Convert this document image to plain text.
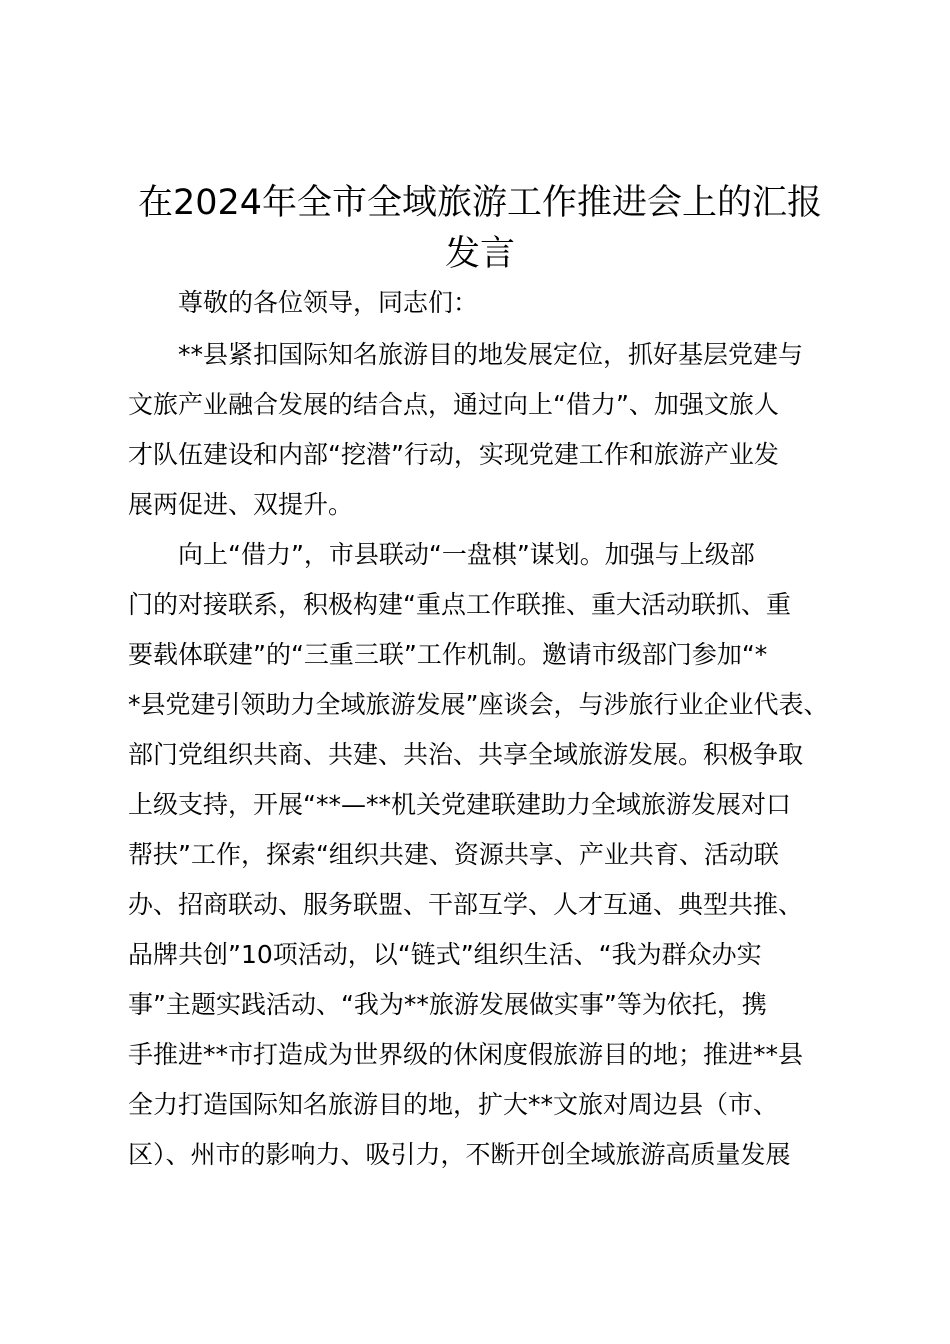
在2024年全市全域旅游工作推进会上的汇报发言

尊敬的各位领导，同志们：

**县紧扣国际知名旅游目的地发展定位，抓好基层党建与

文旅产业融合发展的结合点，通过向上“借力”、加强文旅人

才队伍建设和内部“挖潜”行动，实现党建工作和旅游产业发

展两促进、双提升。

向上“借力”，市县联动“一盘棋”谋划。加强与上级部

门的对接联系，积极构建“重点工作联推、重大活动联抓、重

要载体联建”的“三重三联”工作机制。邀请市级部门参加“*

*县党建引领助力全域旅游发展”座谈会，与涉旅行业企业代表、

部门党组织共商、共建、共治、共享全域旅游发展。积极争取

上级支持，开展“**—**机关党建联建助力全域旅游发展对口

帮扶”工作，探索“组织共建、资源共享、产业共育、活动联

办、招商联动、服务联盟、干部互学、人才互通、典型共推、

品牌共创”10项活动，以“链式”组织生活、“我为群众办实

事”主题实践活动、“我为**旅游发展做实事”等为依托，携

手推进**市打造成为世界级的休闲度假旅游目的地；推进**县

全力打造国际知名旅游目的地，扩大**文旅对周边县（市、

区）、州市的影响力、吸引力，不断开创全域旅游高质量发展
